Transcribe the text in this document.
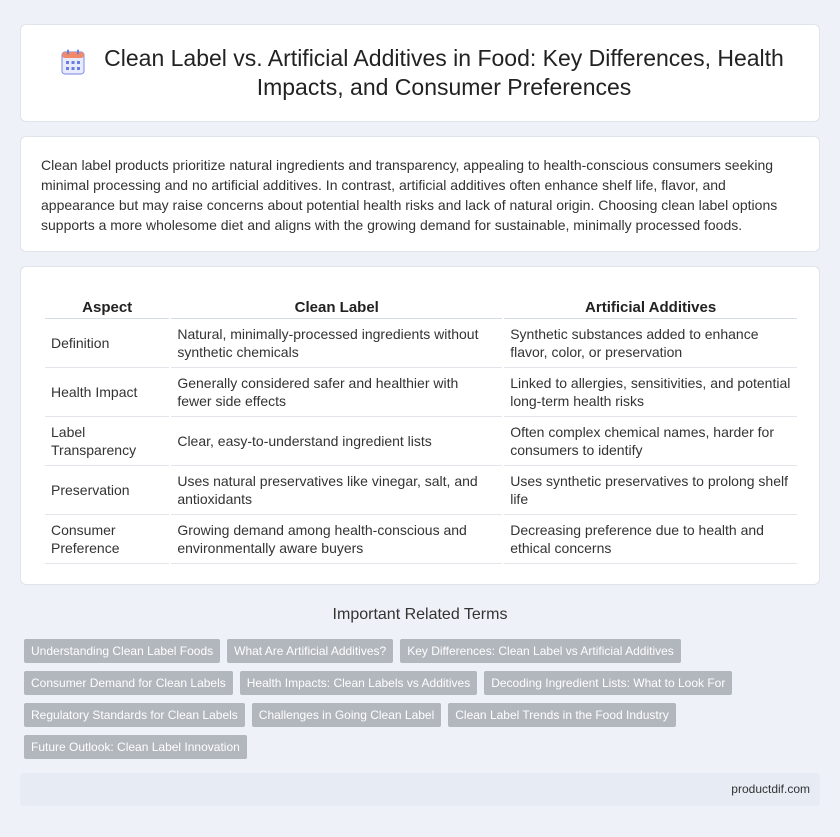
Clean Label vs. Artificial Additives in Food: Key Differences, Health Impacts, and Consumer Preferences

Clean label products prioritize natural ingredients and transparency, appealing to health-conscious consumers seeking minimal processing and no artificial additives. In contrast, artificial additives often enhance shelf life, flavor, and appearance but may raise concerns about potential health risks and lack of natural origin. Choosing clean label options supports a more wholesome diet and aligns with the growing demand for sustainable, minimally processed foods.

Aspect	Clean Label	Artificial Additives
Definition	Natural, minimally-processed ingredients without synthetic chemicals	Synthetic substances added to enhance flavor, color, or preservation
Health Impact	Generally considered safer and healthier with fewer side effects	Linked to allergies, sensitivities, and potential long-term health risks
Label Transparency	Clear, easy-to-understand ingredient lists	Often complex chemical names, harder for consumers to identify
Preservation	Uses natural preservatives like vinegar, salt, and antioxidants	Uses synthetic preservatives to prolong shelf life
Consumer Preference	Growing demand among health-conscious and environmentally aware buyers	Decreasing preference due to health and ethical concerns
Important Related Terms
Understanding Clean Label Foods	What Are Artificial Additives?	Key Differences: Clean Label vs Artificial Additives
Consumer Demand for Clean Labels	Health Impacts: Clean Labels vs Additives	Decoding Ingredient Lists: What to Look For
Regulatory Standards for Clean Labels	Challenges in Going Clean Label	Clean Label Trends in the Food Industry
Future Outlook: Clean Label Innovation
productdif.com
